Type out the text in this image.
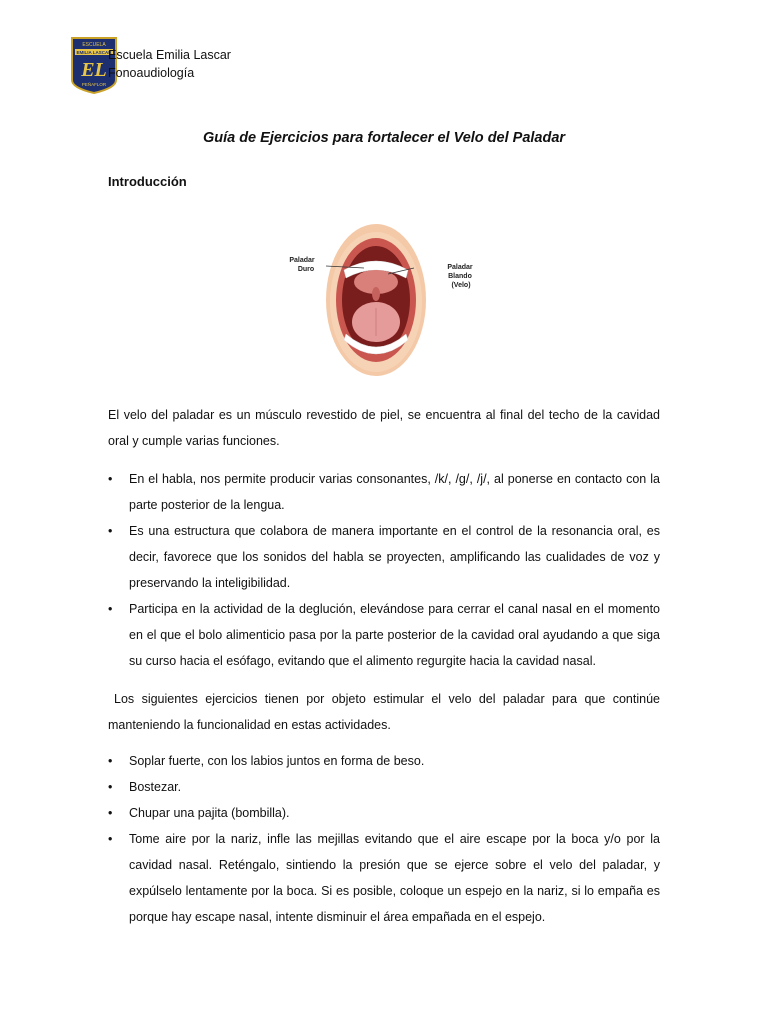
ESCUELA
EMILIA LASCAR
EL
PEÑAFLOR
Escuela Emilia Lascar
Fonoaudiología
Guía de Ejercicios para fortalecer el Velo del Paladar
Introducción
Paladar
Duro	Paladar
Blando
(Velo)

El velo del paladar es un músculo revestido de piel, se encuentra al final del techo de la cavidad oral y cumple varias funciones.

• En el habla, nos permite producir varias consonantes, /k/, /g/, /j/, al ponerse en contacto con la parte posterior de la lengua.
• Es una estructura que colabora de manera importante en el control de la resonancia oral, es decir, favorece que los sonidos del habla se proyecten, amplificando las cualidades de voz y preservando la inteligibilidad.
• Participa en la actividad de la deglución, elevándose para cerrar el canal nasal en el momento en el que el bolo alimenticio pasa por la parte posterior de la cavidad oral ayudando a que siga su curso hacia el esófago, evitando que el alimento regurgite hacia la cavidad nasal.

Los siguientes ejercicios tienen por objeto estimular el velo del paladar para que continúe manteniendo la funcionalidad en estas actividades.

• Soplar fuerte, con los labios juntos en forma de beso.
• Bostezar.
• Chupar una pajita (bombilla).
• Tome aire por la nariz, infle las mejillas evitando que el aire escape por la boca y/o por la cavidad nasal. Reténgalo, sintiendo la presión que se ejerce sobre el velo del paladar, y expúlselo lentamente por la boca. Si es posible, coloque un espejo en la nariz, si lo empaña es porque hay escape nasal, intente disminuir el área empañada en el espejo.
